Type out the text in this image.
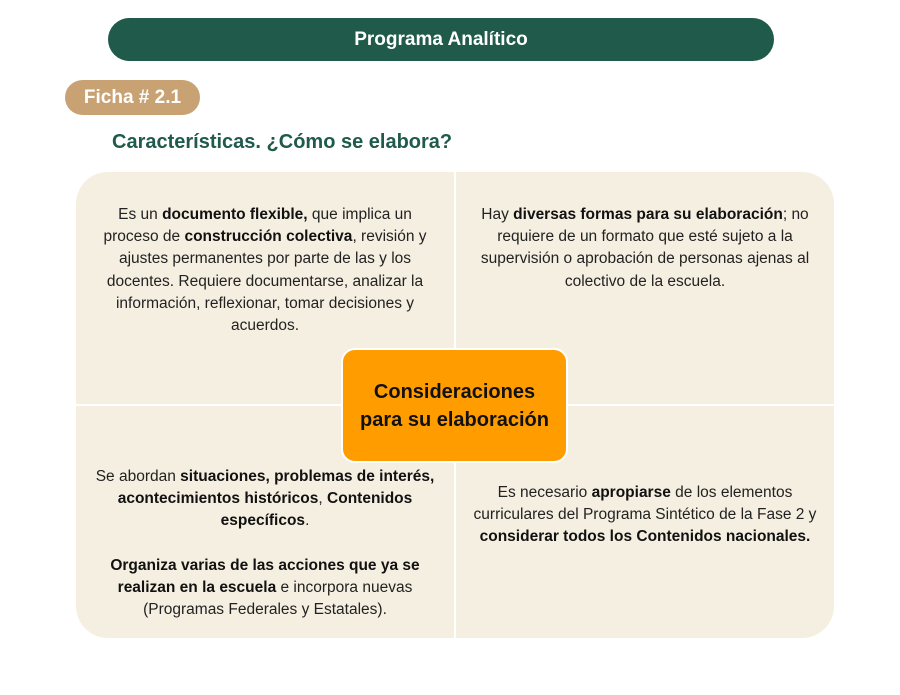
Programa Analítico
Ficha # 2.1
Características. ¿Cómo se elabora?
Es un documento flexible, que implica un proceso de construcción colectiva, revisión y ajustes permanentes por parte de las y los docentes. Requiere documentarse, analizar la información, reflexionar, tomar decisiones y acuerdos.
Hay diversas formas para su elaboración; no requiere de un formato que esté sujeto a la supervisión o aprobación de personas ajenas al colectivo de la escuela.
Se abordan situaciones, problemas de interés, acontecimientos históricos, Contenidos específicos.
Organiza varias de las acciones que ya se realizan en la escuela e incorpora nuevas (Programas Federales y Estatales).
Es necesario apropiarse de los elementos curriculares del Programa Sintético de la Fase 2 y considerar todos los Contenidos nacionales.
Consideraciones
para su elaboración
